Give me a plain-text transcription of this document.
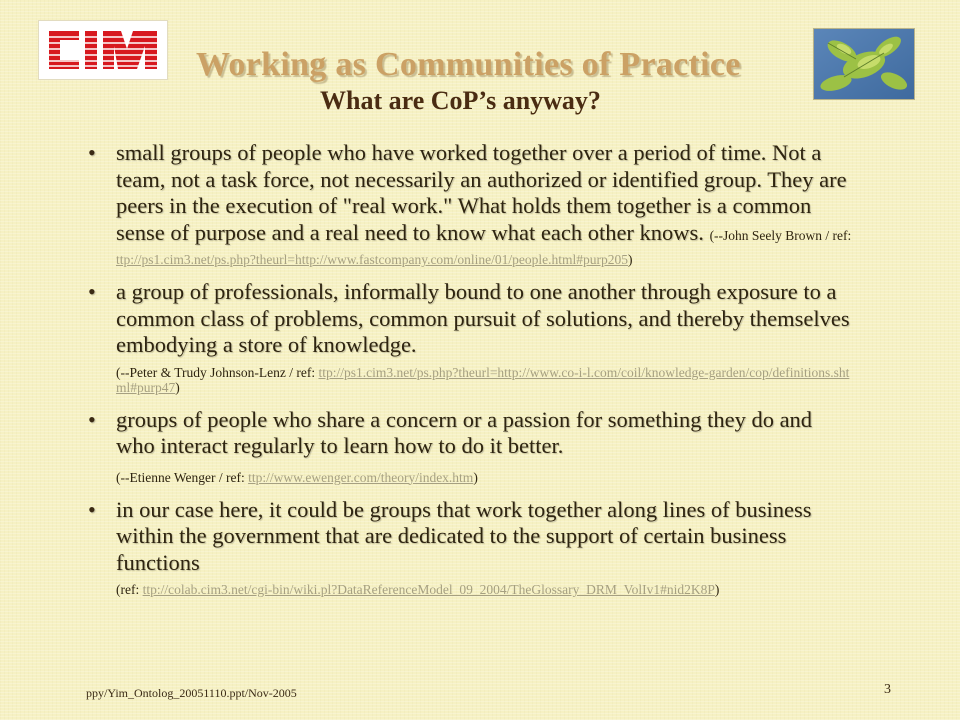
Working as Communities of Practice
What are CoP’s anyway?
• small groups of people who have worked together over a period of time. Not a team, not a task force, not necessarily an authorized or identified group. They are peers in the execution of "real work." What holds them together is a common sense of purpose and a real need to know what each other knows. (--John Seely Brown / ref:
ttp://ps1.cim3.net/ps.php?theurl=http://www.fastcompany.com/online/01/people.html#purp205)
• a group of professionals, informally bound to one another through exposure to a common class of problems, common pursuit of solutions, and thereby themselves embodying a store of knowledge.
(--Peter & Trudy Johnson-Lenz / ref: ttp://ps1.cim3.net/ps.php?theurl=http://www.co-i-l.com/coil/knowledge-garden/cop/definitions.shtml#purp47)
• groups of people who share a concern or a passion for something they do and who interact regularly to learn how to do it better.
(--Etienne Wenger / ref: ttp://www.ewenger.com/theory/index.htm)
• in our case here, it could be groups that work together along lines of business within the government that are dedicated to the support of certain business functions
(ref: ttp://colab.cim3.net/cgi-bin/wiki.pl?DataReferenceModel_09_2004/TheGlossary_DRM_VolIv1#nid2K8P)
ppy/Yim_Ontolog_20051110.ppt/Nov-2005	3
